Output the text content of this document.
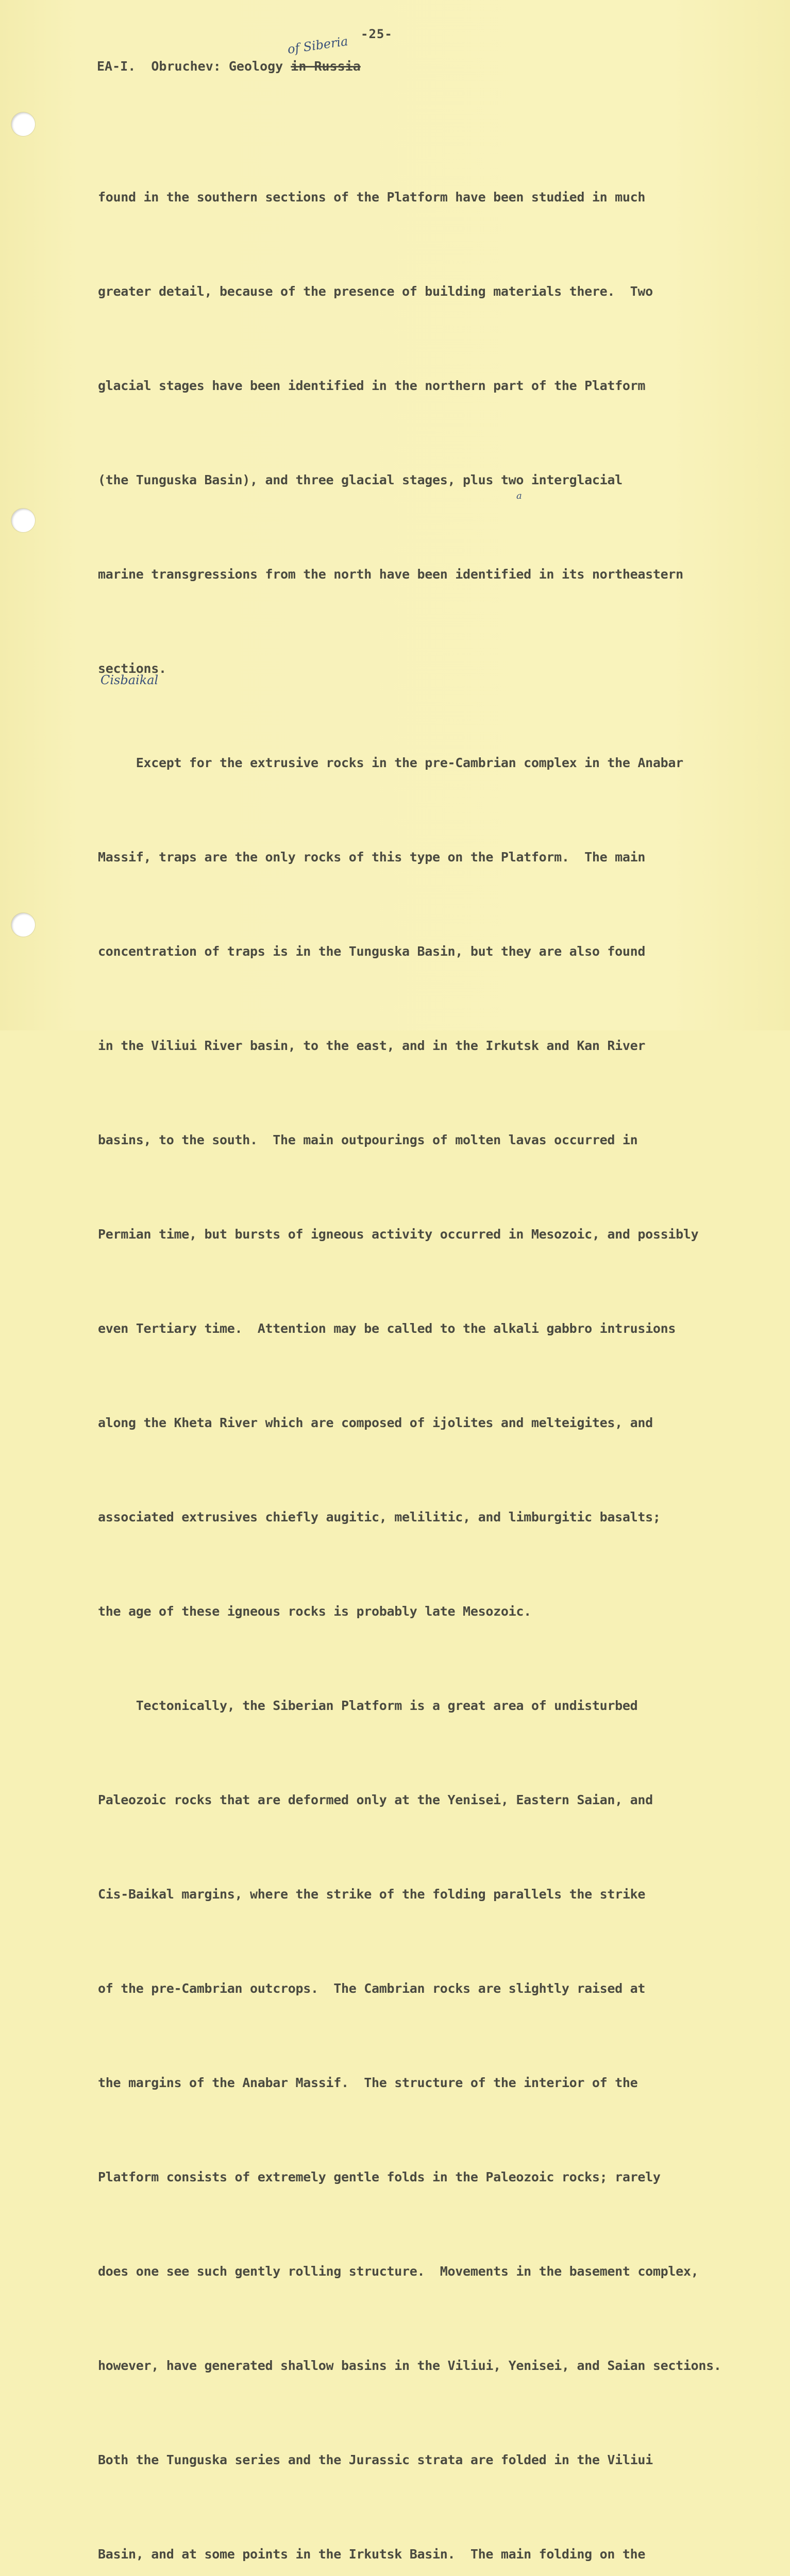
-25-
of Siberia
EA-I.  Obruchev: Geology in Russia
a
Cisbaikal

found in the southern sections of the Platform have been studied in much

greater detail, because of the presence of building materials there.  Two

glacial stages have been identified in the northern part of the Platform

(the Tunguska Basin), and three glacial stages, plus two interglacial

marine transgressions from the north have been identified in its northeastern

sections.

Except for the extrusive rocks in the pre-Cambrian complex in the Anabar

Massif, traps are the only rocks of this type on the Platform.  The main

concentration of traps is in the Tunguska Basin, but they are also found

in the Viliui River basin, to the east, and in the Irkutsk and Kan River

basins, to the south.  The main outpourings of molten lavas occurred in

Permian time, but bursts of igneous activity occurred in Mesozoic, and possibly

even Tertiary time.  Attention may be called to the alkali gabbro intrusions

along the Kheta River which are composed of ijolites and melteigites, and

associated extrusives chiefly augitic, melilitic, and limburgitic basalts;

the age of these igneous rocks is probably late Mesozoic.

Tectonically, the Siberian Platform is a great area of undisturbed

Paleozoic rocks that are deformed only at the Yenisei, Eastern Saian, and

Cis-Baikal margins, where the strike of the folding parallels the strike

of the pre-Cambrian outcrops.  The Cambrian rocks are slightly raised at

the margins of the Anabar Massif.  The structure of the interior of the

Platform consists of extremely gentle folds in the Paleozoic rocks; rarely

does one see such gently rolling structure.  Movements in the basement complex,

however, have generated shallow basins in the Viliui, Yenisei, and Saian sections.

Both the Tunguska series and the Jurassic strata are folded in the Viliui

Basin, and at some points in the Irkutsk Basin.  The main folding on the
